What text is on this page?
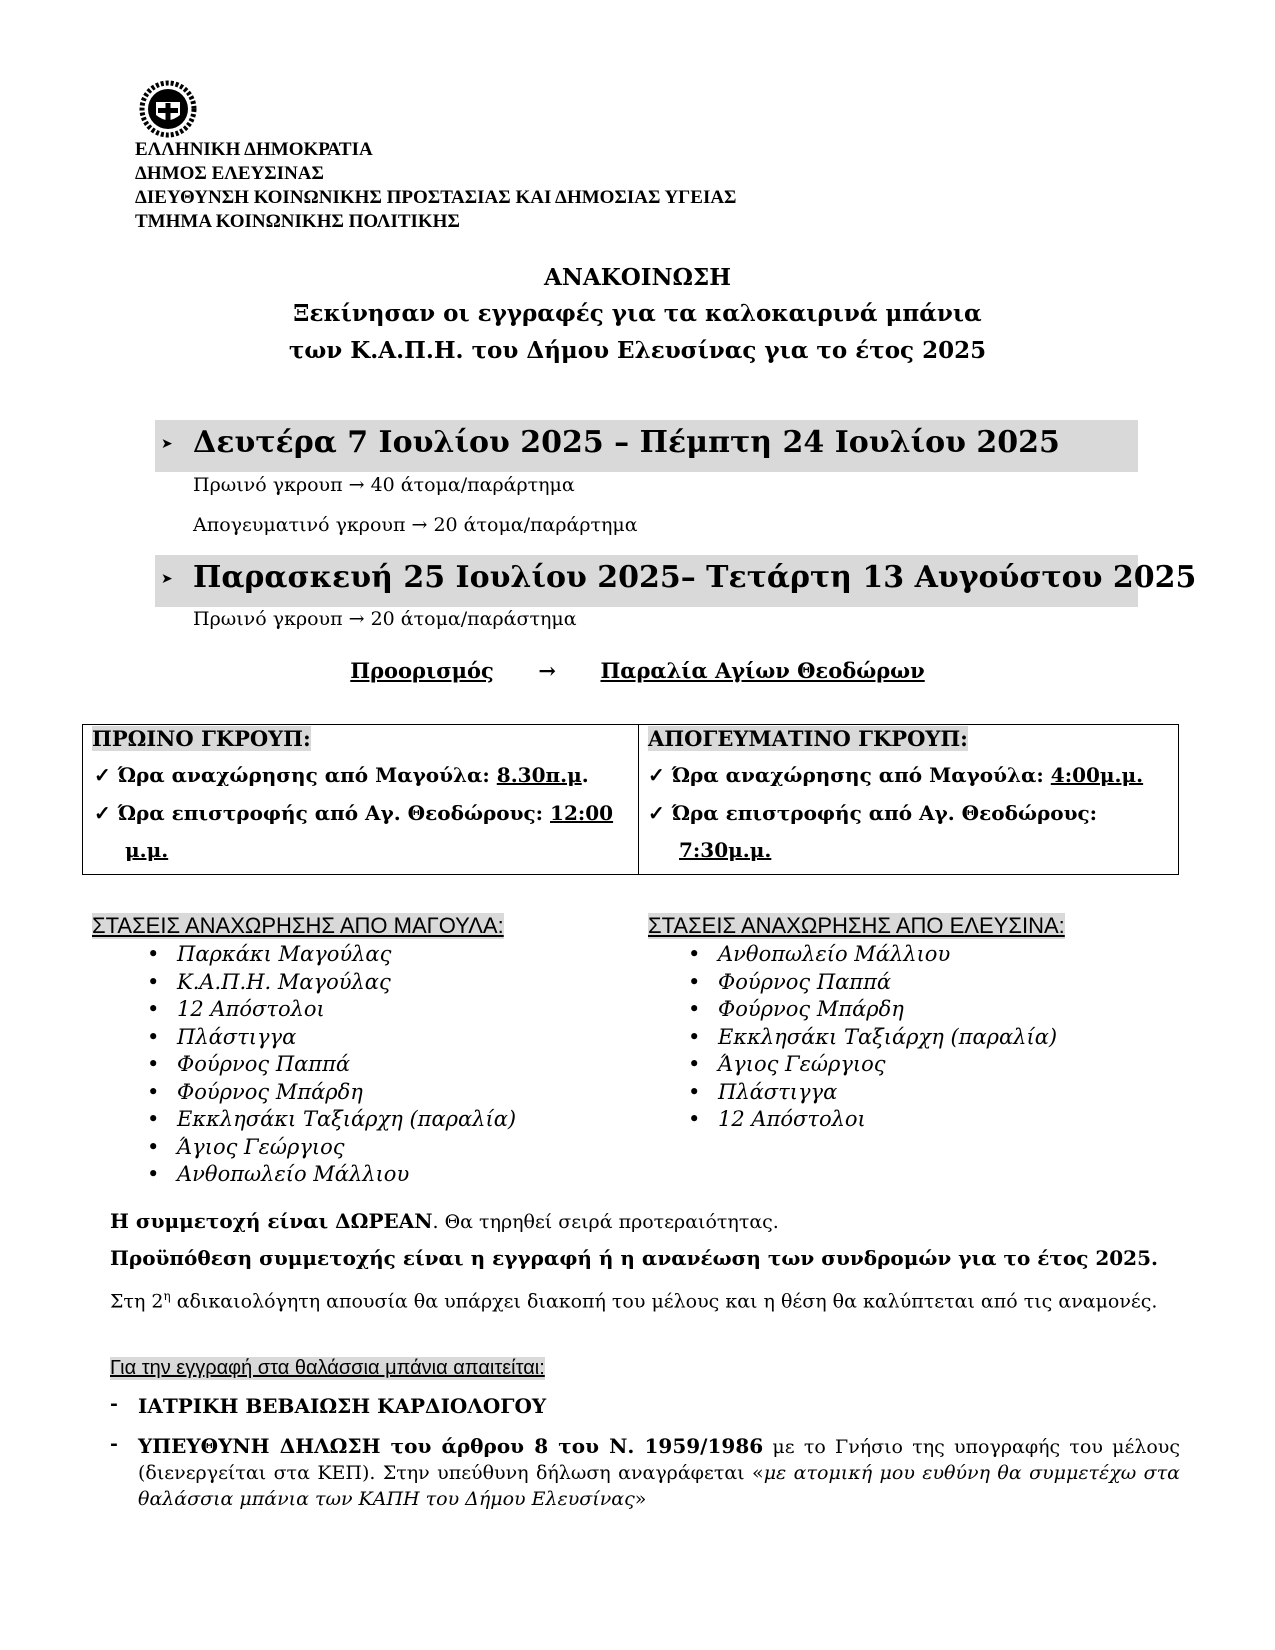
ΕΛΛΗΝΙΚΗ ΔΗΜΟΚΡΑΤΙΑ
ΔΗΜΟΣ ΕΛΕΥΣΙΝΑΣ
ΔΙΕΥΘΥΝΣΗ ΚΟΙΝΩΝΙΚΗΣ ΠΡΟΣΤΑΣΙΑΣ ΚΑΙ ΔΗΜΟΣΙΑΣ ΥΓΕΙΑΣ
ΤΜΗΜΑ ΚΟΙΝΩΝΙΚΗΣ ΠΟΛΙΤΙΚΗΣ
ΑΝΑΚΟΙΝΩΣΗ
Ξεκίνησαν οι εγγραφές για τα καλοκαιρινά μπάνια
των Κ.Α.Π.Η. του Δήμου Ελευσίνας για το έτος 2025
➤ Δευτέρα 7 Ιουλίου 2025 – Πέμπτη 24 Ιουλίου 2025
Πρωινό γκρουπ → 40 άτομα/παράρτημα
Απογευματινό γκρουπ → 20 άτομα/παράρτημα
➤ Παρασκευή 25 Ιουλίου 2025– Τετάρτη 13 Αυγούστου 2025
Πρωινό γκρουπ → 20 άτομα/παράστημα
Προορισμός → Παραλία Αγίων Θεοδώρων
ΠΡΩΙΝΟ ΓΚΡΟΥΠ:
✓ Ώρα αναχώρησης από Μαγούλα: 8.30π.μ.
✓ Ώρα επιστροφής από Αγ. Θεοδώρους: 12:00
μ.μ.
ΑΠΟΓΕΥΜΑΤΙΝΟ ΓΚΡΟΥΠ:
✓ Ώρα αναχώρησης από Μαγούλα: 4:00μ.μ.
✓ Ώρα επιστροφής από Αγ. Θεοδώρους:
7:30μ.μ.
ΣΤΑΣΕΙΣ ΑΝΑΧΩΡΗΣΗΣ ΑΠΟ ΜΑΓΟΥΛΑ:
• Παρκάκι Μαγούλας
• Κ.Α.Π.Η. Μαγούλας
• 12 Απόστολοι
• Πλάστιγγα
• Φούρνος Παππά
• Φούρνος Μπάρδη
• Εκκλησάκι Ταξιάρχη (παραλία)
• Άγιος Γεώργιος
• Ανθοπωλείο Μάλλιου
ΣΤΑΣΕΙΣ ΑΝΑΧΩΡΗΣΗΣ ΑΠΟ ΕΛΕΥΣΙΝΑ:
• Ανθοπωλείο Μάλλιου
• Φούρνος Παππά
• Φούρνος Μπάρδη
• Εκκλησάκι Ταξιάρχη (παραλία)
• Άγιος Γεώργιος
• Πλάστιγγα
• 12 Απόστολοι
Η συμμετοχή είναι ΔΩΡΕΑΝ. Θα τηρηθεί σειρά προτεραιότητας.
Προϋπόθεση συμμετοχής είναι η εγγραφή ή η ανανέωση των συνδρομών για το έτος 2025.
Στη $2^\eta$ αδικαιολόγητη απουσία θα υπάρχει διακοπή του μέλους και η θέση θα καλύπτεται από τις αναμονές.
Για την εγγραφή στα θαλάσσια μπάνια απαιτείται:
- ΙΑΤΡΙΚΗ ΒΕΒΑΙΩΣΗ ΚΑΡΔΙΟΛΟΓΟΥ
- ΥΠΕΥΘΥΝΗ ΔΗΛΩΣΗ του άρθρου 8 του Ν. 1959/1986 με το Γνήσιο της υπογραφής του μέλους (διενεργείται στα ΚΕΠ). Στην υπεύθυνη δήλωση αναγράφεται «με ατομική μου ευθύνη θα συμμετέχω στα θαλάσσια μπάνια των ΚΑΠΗ του Δήμου Ελευσίνας»
